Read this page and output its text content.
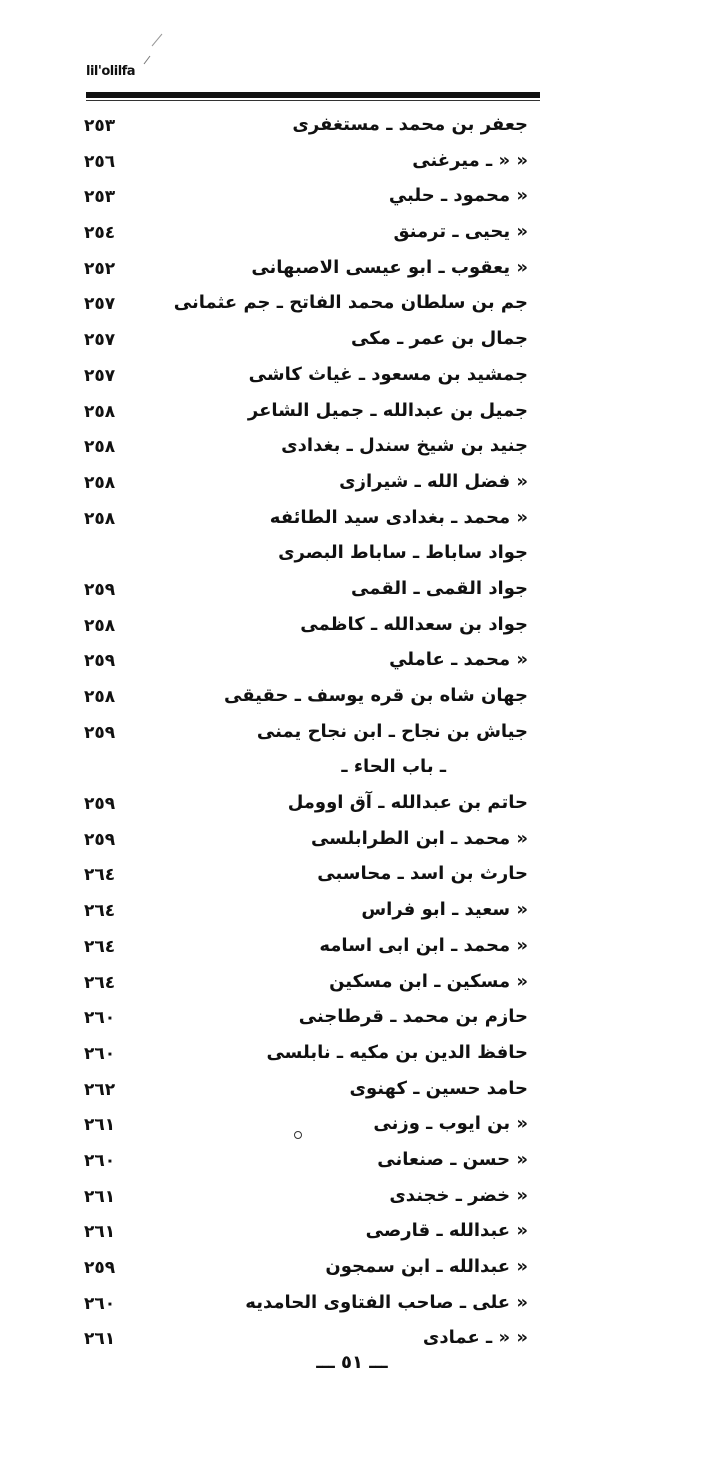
lil'olilfa
جعفر بن محمد ـ مستغفرى
٢٥٣
« « ـ ميرغنى
٢٥٦
« محمود ـ حلبي
٢٥٣
« يحيى ـ ترمنق
٢٥٤
« يعقوب ـ ابو عيسى الاصبهانى
٢٥٢
جم بن سلطان محمد الفاتح ـ جم عثمانى
٢٥٧
جمال بن عمر ـ مكى
٢٥٧
جمشيد بن مسعود ـ غياث كاشى
٢٥٧
جميل بن عبدالله ـ جميل الشاعر
٢٥٨
جنيد بن شيخ سندل ـ بغدادى
٢٥٨
« فضل الله ـ شيرازى
٢٥٨
« محمد ـ بغدادى سيد الطائفه
٢٥٨
جواد ساباط ـ ساباط البصرى
جواد القمى ـ القمى
٢٥٩
جواد بن سعدالله ـ كاظمى
٢٥٨
« محمد ـ عاملي
٢٥٩
جهان شاه بن قره يوسف ـ حقيقى
٢٥٨
جياش بن نجاح ـ ابن نجاح يمنى
٢٥٩
ـ باب الحاء ـ
حاتم بن عبدالله ـ آق اوومل
٢٥٩
« محمد ـ ابن الطرابلسى
٢٥٩
حارث بن اسد ـ محاسبى
٢٦٤
« سعيد ـ ابو فراس
٢٦٤
« محمد ـ ابن ابى اسامه
٢٦٤
« مسكين ـ ابن مسكين
٢٦٤
حازم بن محمد ـ قرطاجنى
٢٦٠
حافظ الدين بن مكيه ـ نابلسى
٢٦٠
حامد حسين ـ كهنوى
٢٦٢
« بن ايوب ـ وزنى
٢٦١
« حسن ـ صنعانى
٢٦٠
« خضر ـ خجندى
٢٦١
« عبدالله ـ قارصى
٢٦١
« عبدالله ـ ابن سمجون
٢٥٩
« على ـ صاحب الفتاوى الحامديه
٢٦٠
« « ـ عمادى
٢٦١
ـــ ٥١ ـــ
